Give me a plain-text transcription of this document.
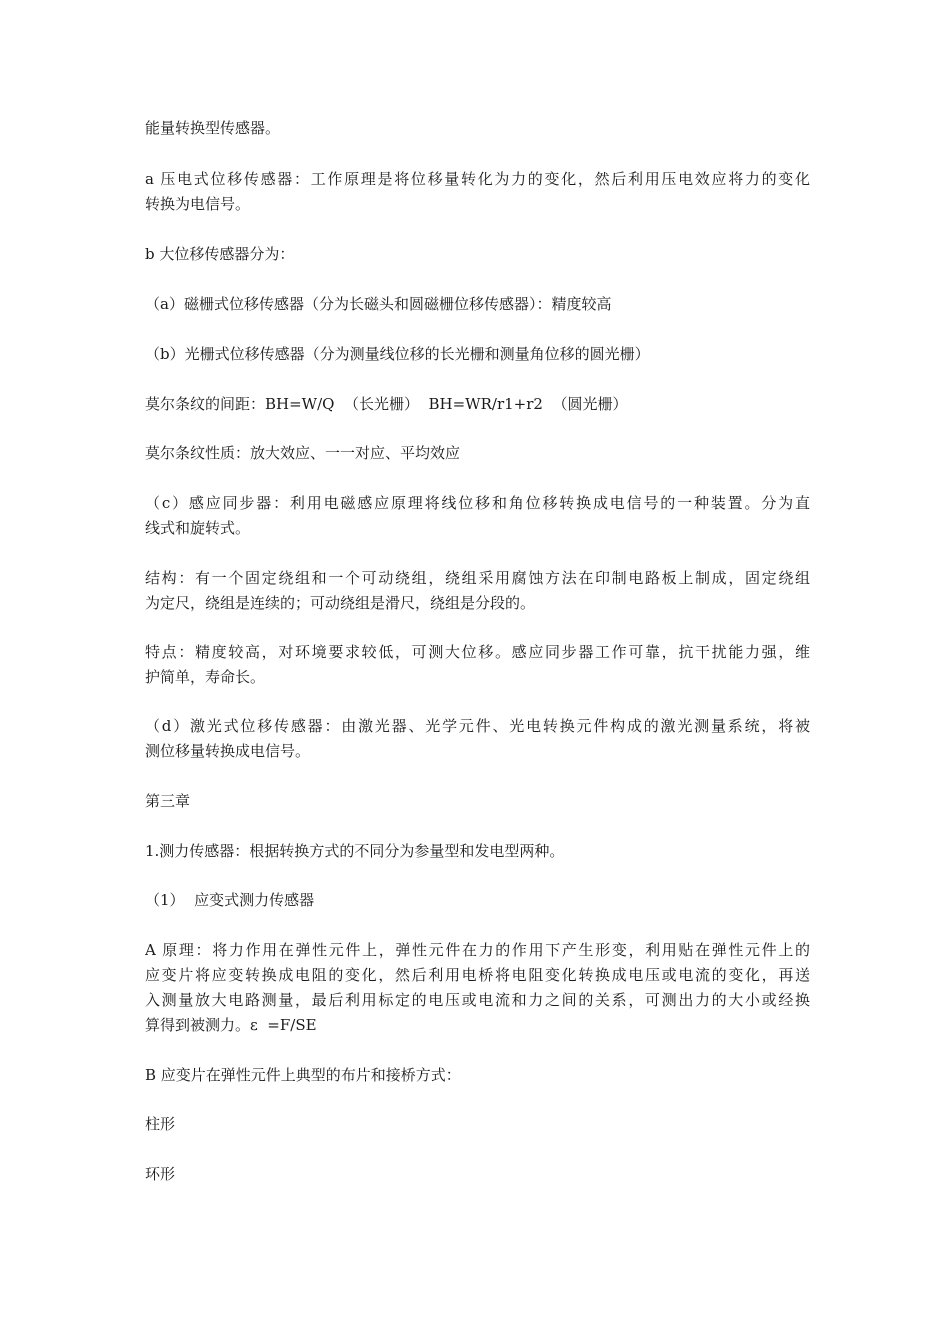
能量转换型传感器。
a 压电式位移传感器：工作原理是将位移量转化为力的变化，然后利用压电效应将力的变化
转换为电信号。
b 大位移传感器分为：
（a）磁栅式位移传感器（分为长磁头和圆磁栅位移传感器）：精度较高
（b）光栅式位移传感器（分为测量线位移的长光栅和测量角位移的圆光栅）
莫尔条纹的间距：BH=W/Q  （长光栅）  BH=WR/r1+r2  （圆光栅）
莫尔条纹性质：放大效应、一一对应、平均效应
（c）感应同步器：利用电磁感应原理将线位移和角位移转换成电信号的一种装置。分为直
线式和旋转式。
结构：有一个固定绕组和一个可动绕组，绕组采用腐蚀方法在印制电路板上制成，固定绕组
为定尺，绕组是连续的；可动绕组是滑尺，绕组是分段的。
特点：精度较高，对环境要求较低，可测大位移。感应同步器工作可靠，抗干扰能力强，维
护简单，寿命长。
（d）激光式位移传感器：由激光器、光学元件、光电转换元件构成的激光测量系统，将被
测位移量转换成电信号。
第三章
1.测力传感器：根据转换方式的不同分为参量型和发电型两种。
（1）  应变式测力传感器
A 原理：将力作用在弹性元件上，弹性元件在力的作用下产生形变，利用贴在弹性元件上的
应变片将应变转换成电阻的变化，然后利用电桥将电阻变化转换成电压或电流的变化，再送
入测量放大电路测量，最后利用标定的电压或电流和力之间的关系，可测出力的大小或经换
算得到被测力。ε  =F/SE
B 应变片在弹性元件上典型的布片和接桥方式：
柱形
环形
